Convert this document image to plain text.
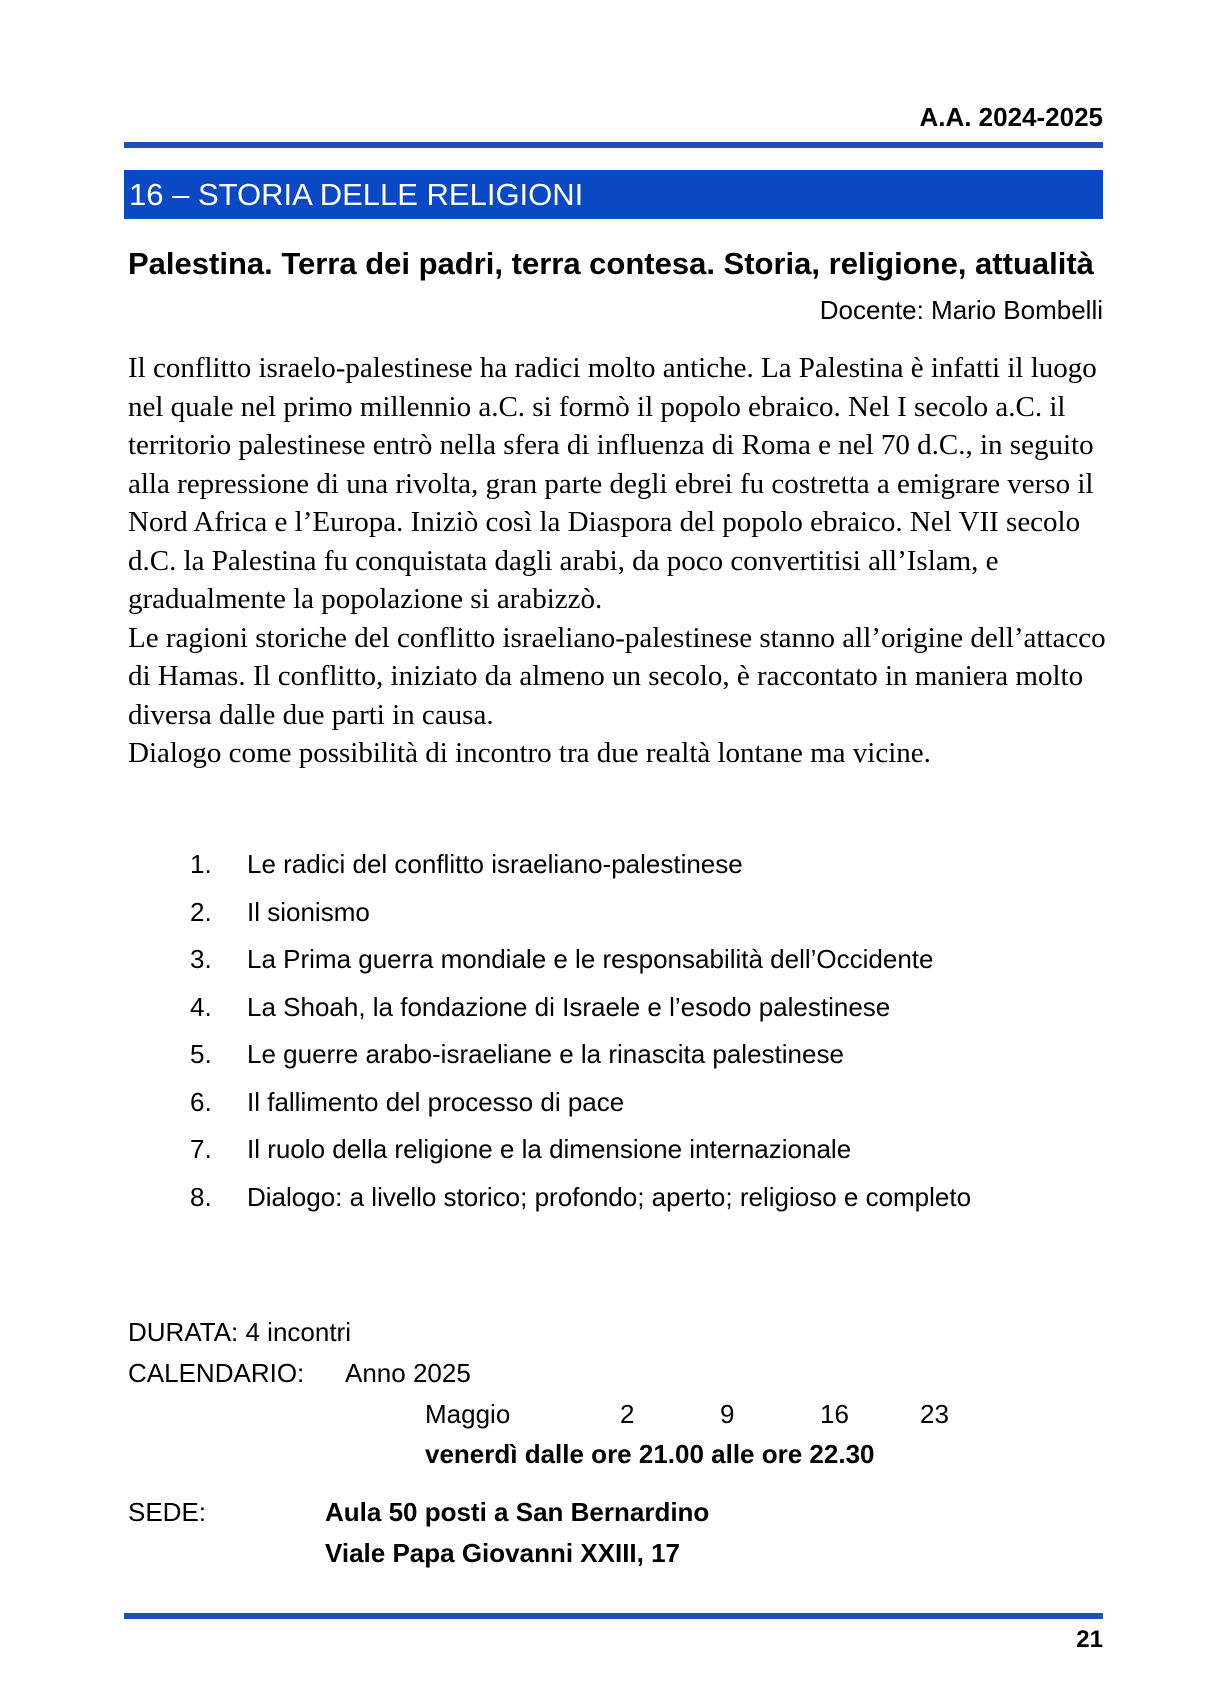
A.A. 2024-2025
16 – STORIA DELLE RELIGIONI
Palestina. Terra dei padri, terra contesa. Storia, religione, attualità
Docente: Mario Bombelli

Il conflitto israelo-palestinese ha radici molto antiche. La Palestina è infatti il luogo nel quale nel primo millennio a.C. si formò il popolo ebraico. Nel I secolo a.C. il territorio palestinese entrò nella sfera di influenza di Roma e nel 70 d.C., in seguito alla repressione di una rivolta, gran parte degli ebrei fu costretta a emigrare verso il Nord Africa e l’Europa. Iniziò così la Diaspora del popolo ebraico. Nel VII secolo d.C. la Palestina fu conquistata dagli arabi, da poco convertitisi all’Islam, e gradualmente la popolazione si arabizzò.

Le ragioni storiche del conflitto israeliano-palestinese stanno all’origine dell’attacco di Hamas. Il conflitto, iniziato da almeno un secolo, è raccontato in maniera molto diversa dalle due parti in causa.

Dialogo come possibilità di incontro tra due realtà lontane ma vicine.

1.	Le radici del conflitto israeliano-palestinese
2.	Il sionismo
3.	La Prima guerra mondiale e le responsabilità dell’Occidente
4.	La Shoah, la fondazione di Israele e l’esodo palestinese
5.	Le guerre arabo-israeliane e la rinascita palestinese
6.	Il fallimento del processo di pace
7.	Il ruolo della religione e la dimensione internazionale
8.	Dialogo: a livello storico; profondo; aperto; religioso e completo
DURATA: 4 incontri
CALENDARIO: Anno 2025
Maggio	2	9	16	23
venerdì dalle ore 21.00 alle ore 22.30
SEDE:	Aula 50 posti a San Bernardino
Viale Papa Giovanni XXIII, 17
21
